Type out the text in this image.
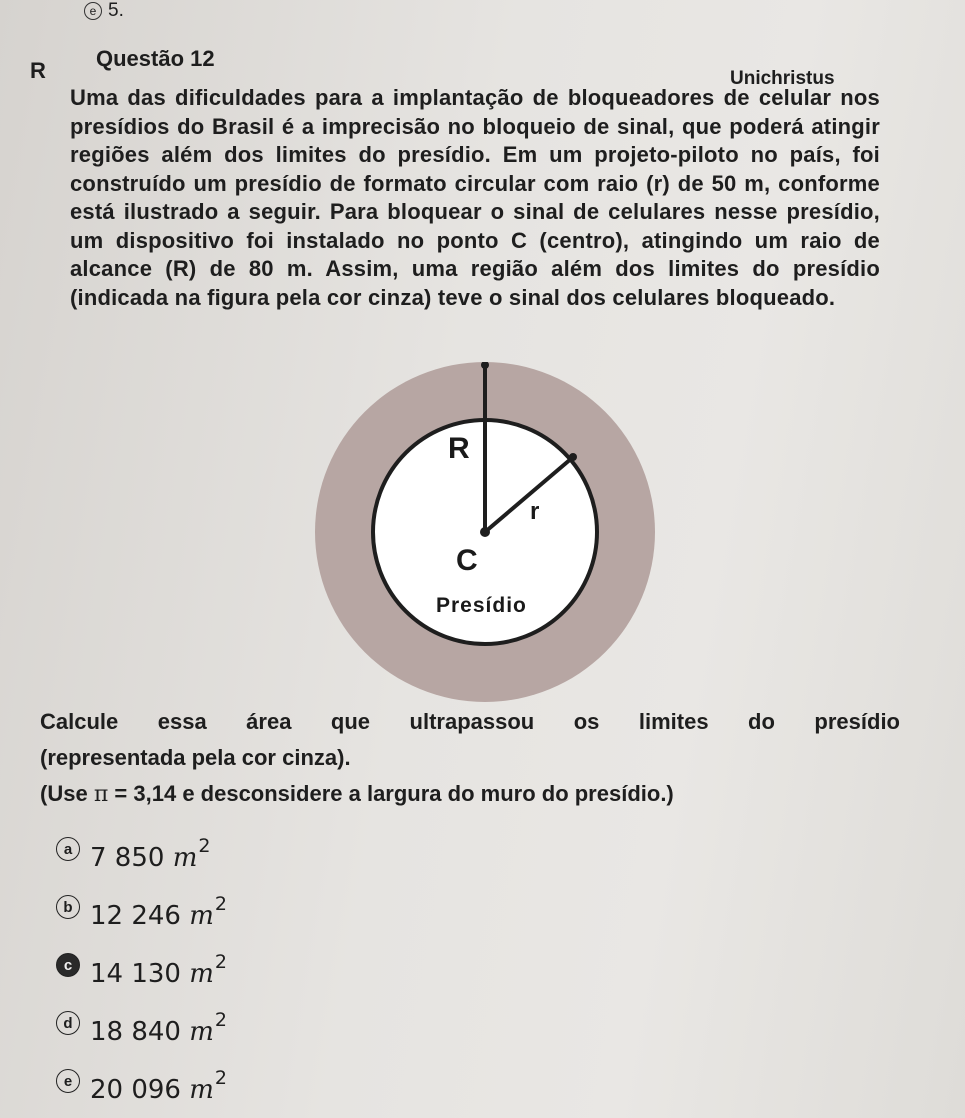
e 5.
R Questão 12
Unichristus
Uma das dificuldades para a implantação de bloqueadores de celular nos presídios do Brasil é a imprecisão no bloqueio de sinal, que poderá atingir regiões além dos limites do presídio. Em um projeto-piloto no país, foi construído um presídio de formato circular com raio (r) de 50 m, conforme está ilustrado a seguir. Para bloquear o sinal de celulares nesse presídio, um dispositivo foi instalado no ponto C (centro), atingindo um raio de alcance (R) de 80 m. Assim, uma região além dos limites do presídio (indicada na figura pela cor cinza) teve o sinal dos celulares bloqueado.
R
r
C
Presídio
Calcule essa área que ultrapassou os limites do presídio
(representada pela cor cinza).
(Use π = 3,14 e desconsidere a largura do muro do presídio.)
a 7 850 $m^2$
b 12 246 $m^2$
c 14 130 $m^2$
d 18 840 $m^2$
e 20 096 $m^2$
